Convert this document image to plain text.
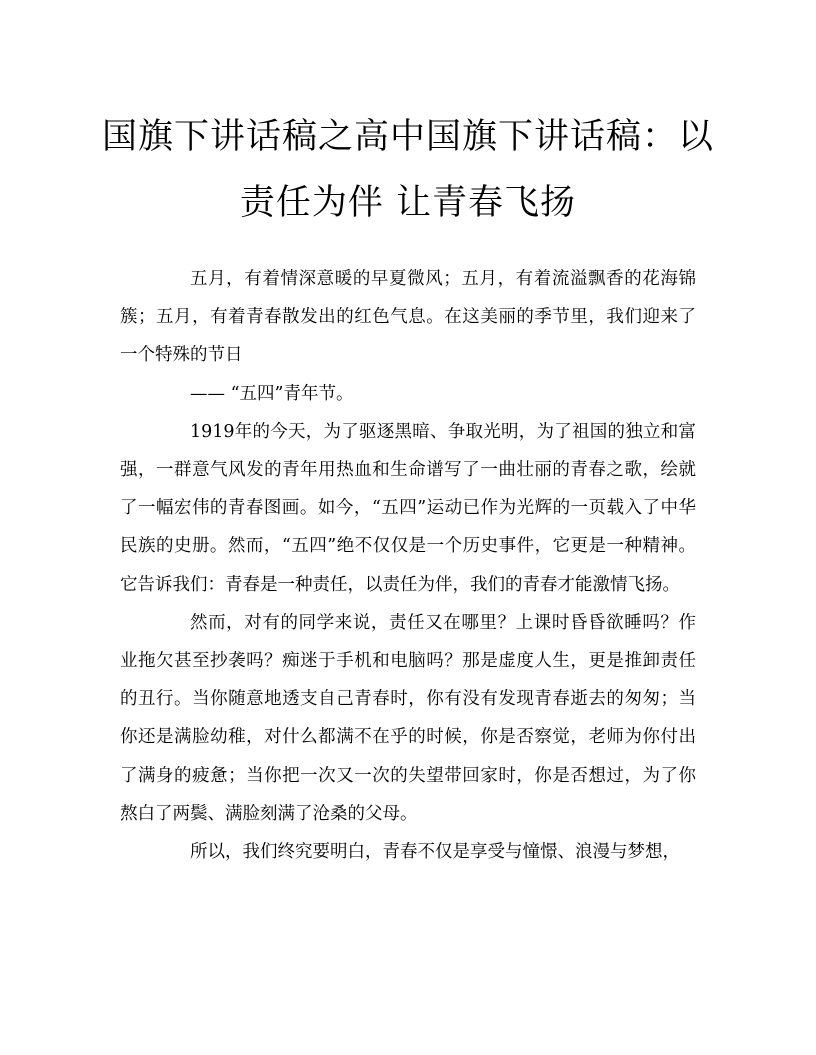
国旗下讲话稿之高中国旗下讲话稿：以
责任为伴 让青春飞扬

五月，有着情深意暖的早夏微风；五月，有着流溢飘香的花海锦簇；五月，有着青春散发出的红色气息。在这美丽的季节里，我们迎来了一个特殊的节日

—— “五四”青年节。

1919年的今天，为了驱逐黑暗、争取光明，为了祖国的独立和富强，一群意气风发的青年用热血和生命谱写了一曲壮丽的青春之歌，绘就了一幅宏伟的青春图画。如今，“五四”运动已作为光辉的一页载入了中华民族的史册。然而，“五四”绝不仅仅是一个历史事件，它更是一种精神。它告诉我们：青春是一种责任，以责任为伴，我们的青春才能激情飞扬。

然而，对有的同学来说，责任又在哪里？上课时昏昏欲睡吗？作业拖欠甚至抄袭吗？痴迷于手机和电脑吗？那是虚度人生，更是推卸责任的丑行。当你随意地透支自己青春时，你有没有发现青春逝去的匆匆；当你还是满脸幼稚，对什么都满不在乎的时候，你是否察觉，老师为你付出了满身的疲惫；当你把一次又一次的失望带回家时，你是否想过，为了你熬白了两鬓、满脸刻满了沧桑的父母。

所以，我们终究要明白，青春不仅是享受与憧憬、浪漫与梦想，
